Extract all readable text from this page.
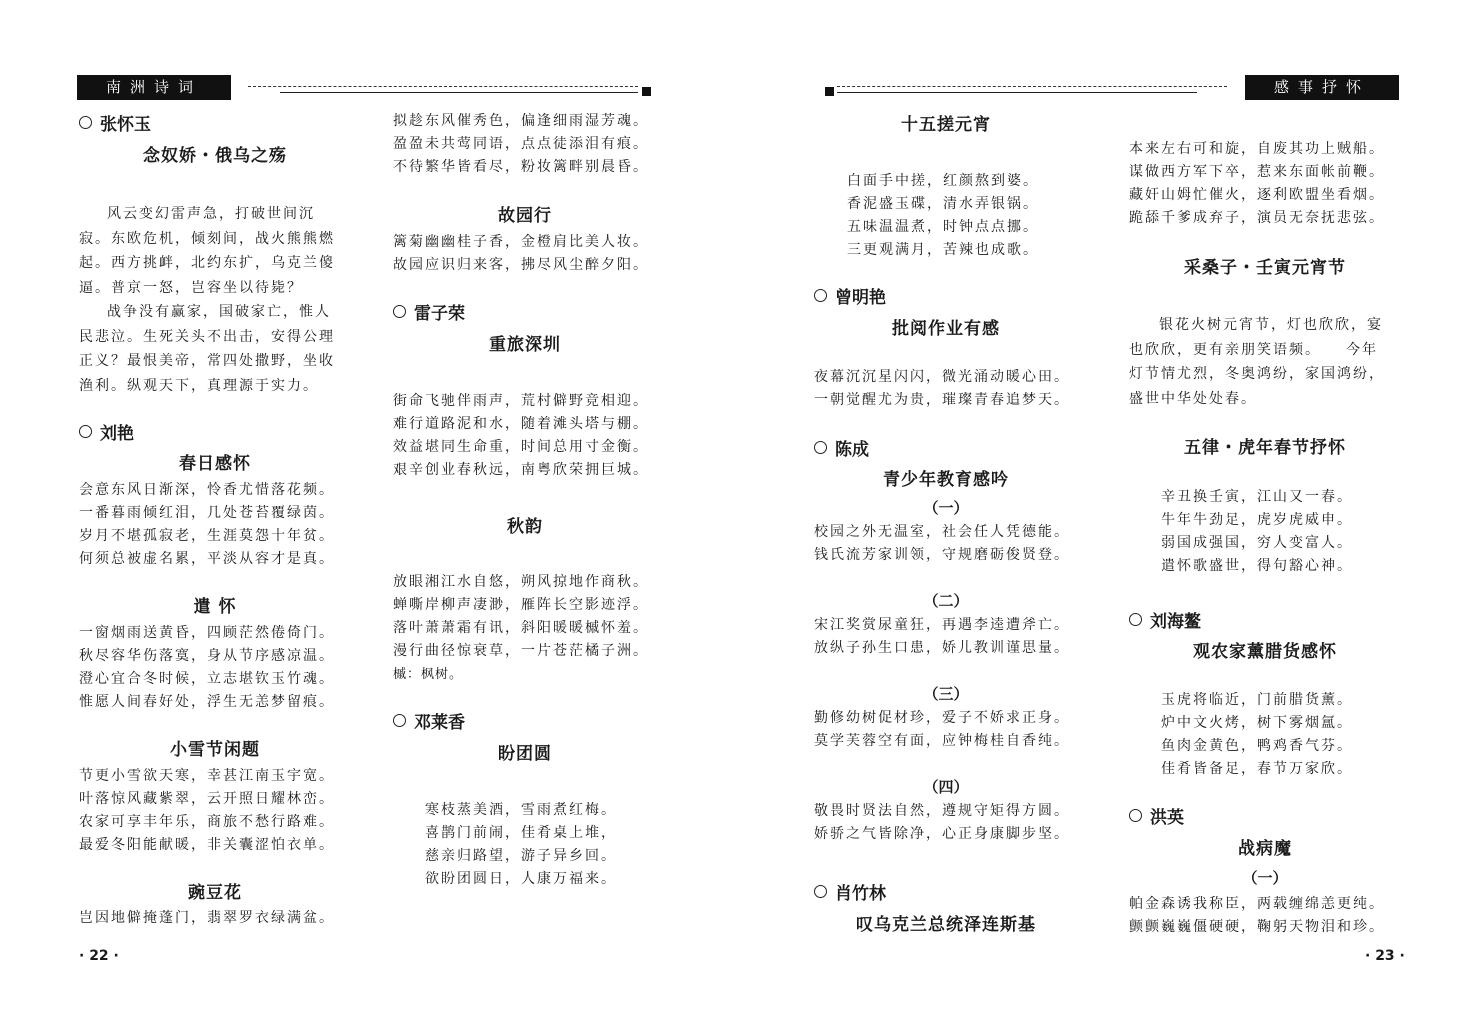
南洲诗词

张怀玉

念奴娇・俄乌之殇

风云变幻雷声急，打破世间沉

寂。东欧危机，倾刻间，战火熊熊燃

起。西方挑衅，北约东扩，乌克兰傻

逼。普京一怒，岂容坐以待毙？

战争没有赢家，国破家亡，惟人

民悲泣。生死关头不出击，安得公理

正义？最恨美帝，常四处撒野，坐收

渔利。纵观天下，真理源于实力。

刘艳

春日感怀

会意东风日渐深，怜香尤惜落花频。

一番暮雨倾红泪，几处苍苔覆绿茵。

岁月不堪孤寂老，生涯莫怨十年贫。

何须总被虚名累，平淡从容才是真。

遣 怀

一窗烟雨送黄昏，四顾茫然倦倚门。

秋尽容华伤落寞，身从节序感凉温。

澄心宜合冬时候，立志堪钦玉竹魂。

惟愿人间春好处，浮生无恙梦留痕。

小雪节闲题

节更小雪欲天寒，幸甚江南玉宇宽。

叶落惊风藏紫翠，云开照日耀林峦。

农家可享丰年乐，商旅不愁行路难。

最爱冬阳能献暖，非关囊涩怕衣单。

豌豆花

岂因地僻掩蓬门，翡翠罗衣绿满盆。

拟趁东风催秀色，偏逢细雨湿芳魂。

盈盈未共莺同语，点点徒添泪有痕。

不待繁华皆看尽，粉妆篱畔别晨昏。

故园行

篱菊幽幽桂子香，金橙肩比美人妆。

故园应识归来客，拂尽风尘醉夕阳。

雷子荣

重旅深圳

街命飞驰伴雨声，荒村僻野竞相迎。

难行道路泥和水，随着滩头塔与棚。

效益堪同生命重，时间总用寸金衡。

艰辛创业春秋远，南粤欣荣拥巨城。

秋韵

放眼湘江水自悠，朔风掠地作商秋。

蝉嘶岸柳声凄渺，雁阵长空影迹浮。

落叶萧萧霜有讯，斜阳暖暖槭怀羞。

漫行曲径惊衰草，一片苍茫橘子洲。

槭：枫树。

邓莱香

盼团圆

寒枝蒸美酒，雪雨煮红梅。

喜鹊门前闹，佳肴桌上堆，

慈亲归路望，游子异乡回。

欲盼团圆日，人康万福来。

· 22 ·
感事抒怀

十五搓元宵

白面手中搓，红颜熬到婆。

香泥盛玉碟，清水弄银锅。

五味温温煮，时钟点点挪。

三更观满月，苦辣也成歌。

曾明艳

批阅作业有感

夜幕沉沉星闪闪，微光涌动暖心田。

一朝觉醒尤为贵，璀璨青春追梦天。

陈成

青少年教育感吟

（一）

校园之外无温室，社会任人凭德能。

钱氏流芳家训领，守规磨砺俊贤登。

（二）

宋江奖赏尿童狂，再遇李逵遭斧亡。

放纵子孙生口患，娇儿教训谨思量。

（三）

勤修幼树促材珍，爱子不娇求正身。

莫学芙蓉空有面，应钟梅桂自香纯。

（四）

敬畏时贤法自然，遵规守矩得方圆。

娇骄之气皆除净，心正身康脚步坚。

肖竹林

叹乌克兰总统泽连斯基

本来左右可和旋，自废其功上贼船。

谋做西方军下卒，惹来东面帐前鞭。

藏奸山姆忙催火，逐利欧盟坐看烟。

跪舔千爹成弃子，演员无奈抚悲弦。

采桑子・壬寅元宵节

银花火树元宵节，灯也欣欣，宴

也欣欣，更有亲朋笑语频。　　今年

灯节情尤烈，冬奥鸿纷，家国鸿纷，

盛世中华处处春。

五律・虎年春节抒怀

辛丑换壬寅，江山又一春。

牛年牛劲足，虎岁虎威申。

弱国成强国，穷人变富人。

遣怀歌盛世，得句豁心神。

刘海鳌

观农家薰腊货感怀

玉虎将临近，门前腊货薰。

炉中文火烤，树下雾烟氲。

鱼肉金黄色，鸭鸡香气芬。

佳肴皆备足，春节万家欣。

洪英

战病魔

（一）

帕金森诱我称臣，两载缠绵恙更纯。

颤颤巍巍僵硬硬，鞠躬天物泪和珍。

· 23 ·
